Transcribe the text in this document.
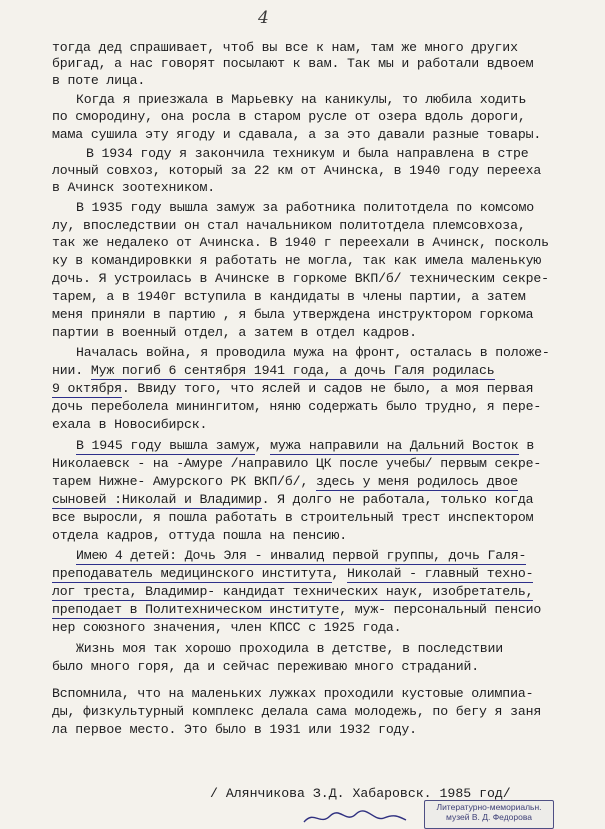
4
тогда дед спрашивает, чтоб вы все к нам, там же много других
бригад, а нас говорят посылают к вам. Так мы и работали вдвоем
в поте лица.
Когда я приезжала в Марьевку на каникулы, то любила ходить
по смородину, она росла в старом русле от озера вдоль дороги,
мама сушила эту ягоду и сдавала, а за это давали разные товары.
В 1934 году я закончила техникум и была направлена в стре
лочный совхоз, который за 22 км от Ачинска, в 1940 году перееха
в Ачинск зоотехником.
В 1935 году вышла замуж за работника политотдела по комсомо
лу, впоследствии он стал начальником политотдела племсовхоза,
так же недалеко от Ачинска. В 1940 г переехали в Ачинск, посколь
ку в командировкки я работать не могла, так как имела маленькую
дочь. Я устроилась в Ачинске в горкоме ВКП/б/ техническим секре-
тарем, а в 1940г вступила в кандидаты в члены партии, а затем
меня приняли в партию , я была утверждена инструктором горкома
партии в военный отдел, а затем в отдел кадров.
Началась война, я проводила мужа на фронт, осталась в положе-
нии. Муж погиб 6 сентября 1941 года, а дочь Галя родилась
9 октября. Ввиду того, что яслей и садов не было, а моя первая
дочь переболела минингитом, няню содержать было трудно, я пере-
ехала в Новосибирск.
В 1945 году вышла замуж, мужа направили на Дальний Восток в
Николаевск - на -Амуре /направило ЦК после учебы/ первым секре-
тарем Нижне- Амурского РК ВКП/б/, здесь у меня родилось двое
сыновей :Николай и Владимир. Я долго не работала, только когда
все выросли, я пошла работать в строительный трест инспектором
отдела кадров, оттуда пошла на пенсию.
Имею 4 детей: Дочь Эля - инвалид первой группы, дочь Галя-
преподаватель медицинского института, Николай - главный техно-
лог треста, Владимир- кандидат технических наук, изобретатель,
преподает в Политехническом институте, муж- персональный пенсио
нер союзного значения, член КПСС с 1925 года.
Жизнь моя так хорошо проходила в детстве, в последствии
было много горя, да и сейчас переживаю много страданий.
Вспомнила, что на маленьких лужках проходили кустовые олимпиа-
ды, физкультурный комплекс делала сама молодежь, по бегу я заня
ла первое место. Это было в 1931 или 1932 году.
/ Алянчикова З.Д. Хабаровск. 1985 год/
Литературно-мемориальн.
музей В. Д. Федорова
